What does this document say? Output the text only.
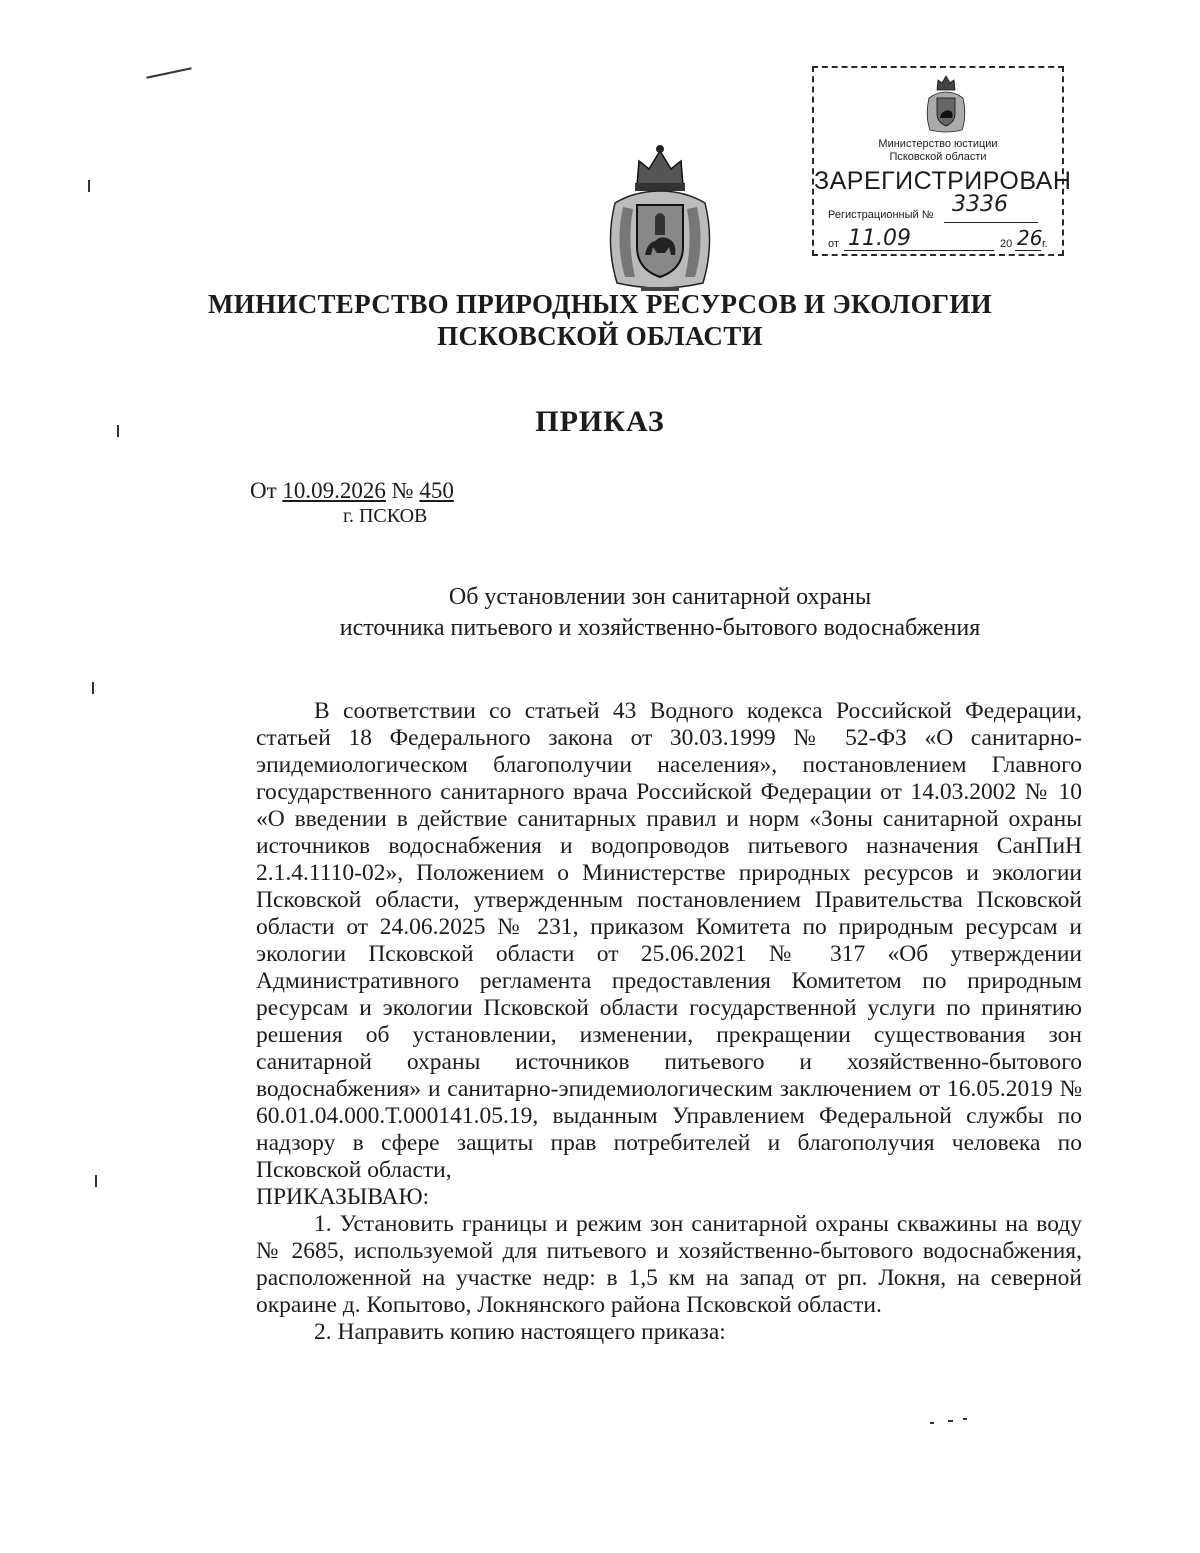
Министерство юстиции
Псковской области
ЗАРЕГИСТРИРОВАН
Регистрационный № 3336
от 11.09	20 26 г.
МИНИСТЕРСТВО ПРИРОДНЫХ РЕСУРСОВ И ЭКОЛОГИИ
ПСКОВСКОЙ ОБЛАСТИ
ПРИКАЗ
От 10.09.2026 № 450
г. ПСКОВ
Об установлении зон санитарной охраны
источника питьевого и хозяйственно-бытового водоснабжения

В соответствии со статьей 43 Водного кодекса Российской Федерации, статьей 18 Федерального закона от 30.03.1999 № 52-ФЗ «О санитарно-эпидемиологическом благополучии населения», постановлением Главного государственного санитарного врача Российской Федерации от 14.03.2002 № 10 «О введении в действие санитарных правил и норм «Зоны санитарной охраны источников водоснабжения и водопроводов питьевого назначения СанПиН 2.1.4.1110-02», Положением о Министерстве природных ресурсов и экологии Псковской области, утвержденным постановлением Правительства Псковской области от 24.06.2025 № 231, приказом Комитета по природным ресурсам и экологии Псковской области от 25.06.2021 № 317 «Об утверждении Административного регламента предоставления Комитетом по природным ресурсам и экологии Псковской области государственной услуги по принятию решения об установлении, изменении, прекращении существования зон санитарной охраны источников питьевого и хозяйственно-бытового водоснабжения» и санитарно-эпидемиологическим заключением от 16.05.2019 № 60.01.04.000.Т.000141.05.19, выданным Управлением Федеральной службы по надзору в сфере защиты прав потребителей и благополучия человека по Псковской области,

ПРИКАЗЫВАЮ:

1. Установить границы и режим зон санитарной охраны скважины на воду № 2685, используемой для питьевого и хозяйственно-бытового водоснабжения, расположенной на участке недр: в 1,5 км на запад от рп. Локня, на северной окраине д. Копытово, Локнянского района Псковской области.

2. Направить копию настоящего приказа:
